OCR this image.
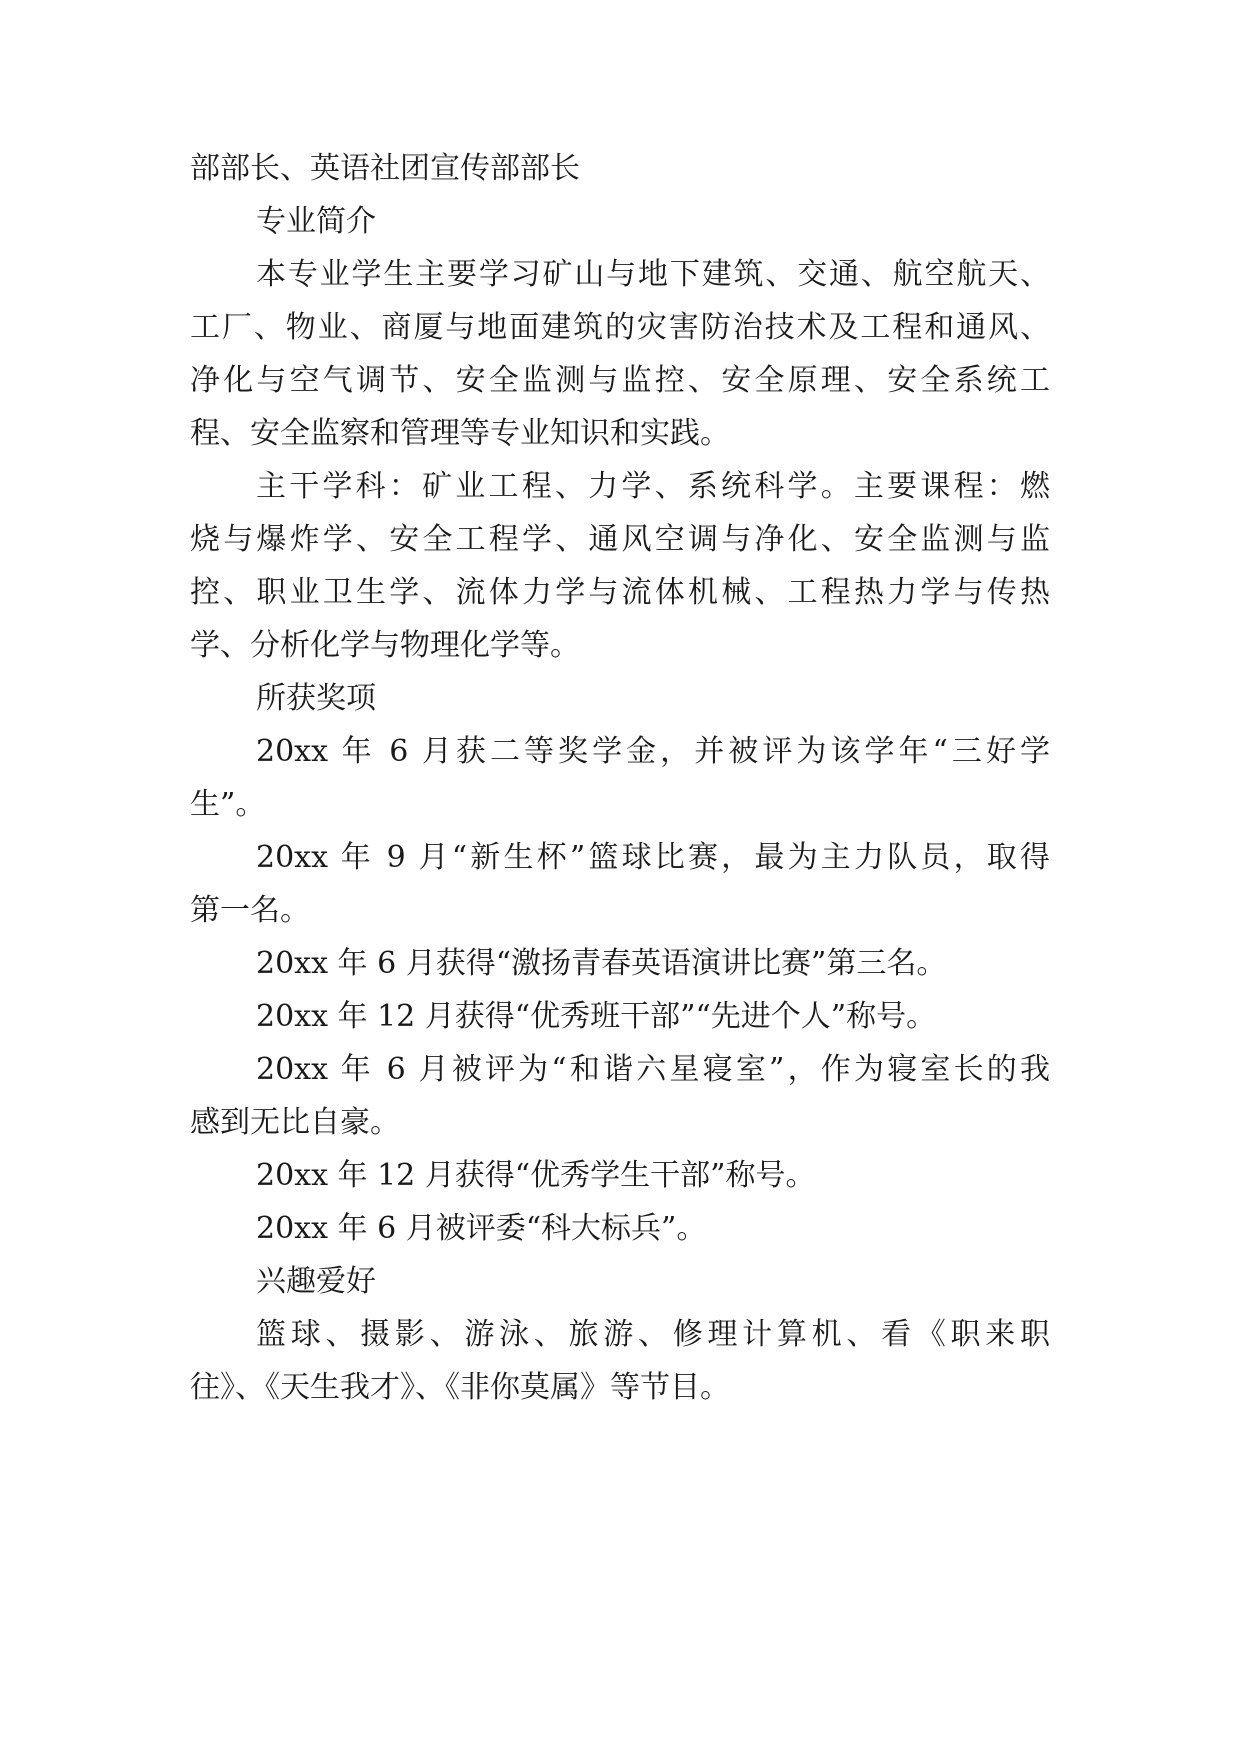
部部长、英语社团宣传部部长
专业简介
本专业学生主要学习矿山与地下建筑、交通、航空航天、
工厂、物业、商厦与地面建筑的灾害防治技术及工程和通风、
净化与空气调节、安全监测与监控、安全原理、安全系统工
程、安全监察和管理等专业知识和实践。
主干学科：矿业工程、力学、系统科学。主要课程：燃
烧与爆炸学、安全工程学、通风空调与净化、安全监测与监
控、职业卫生学、流体力学与流体机械、工程热力学与传热
学、分析化学与物理化学等。
所获奖项
20xx 年 6 月获二等奖学金，并被评为该学年“三好学
生”。
20xx 年 9 月“新生杯”篮球比赛，最为主力队员，取得
第一名。
20xx 年 6 月获得“激扬青春英语演讲比赛”第三名。
20xx 年 12 月获得“优秀班干部”“先进个人”称号。
20xx 年 6 月被评为“和谐六星寝室”，作为寝室长的我
感到无比自豪。
20xx 年 12 月获得“优秀学生干部”称号。
20xx 年 6 月被评委“科大标兵”。
兴趣爱好
篮球、摄影、游泳、旅游、修理计算机、看《职来职
往》、《天生我才》、《非你莫属》等节目。
